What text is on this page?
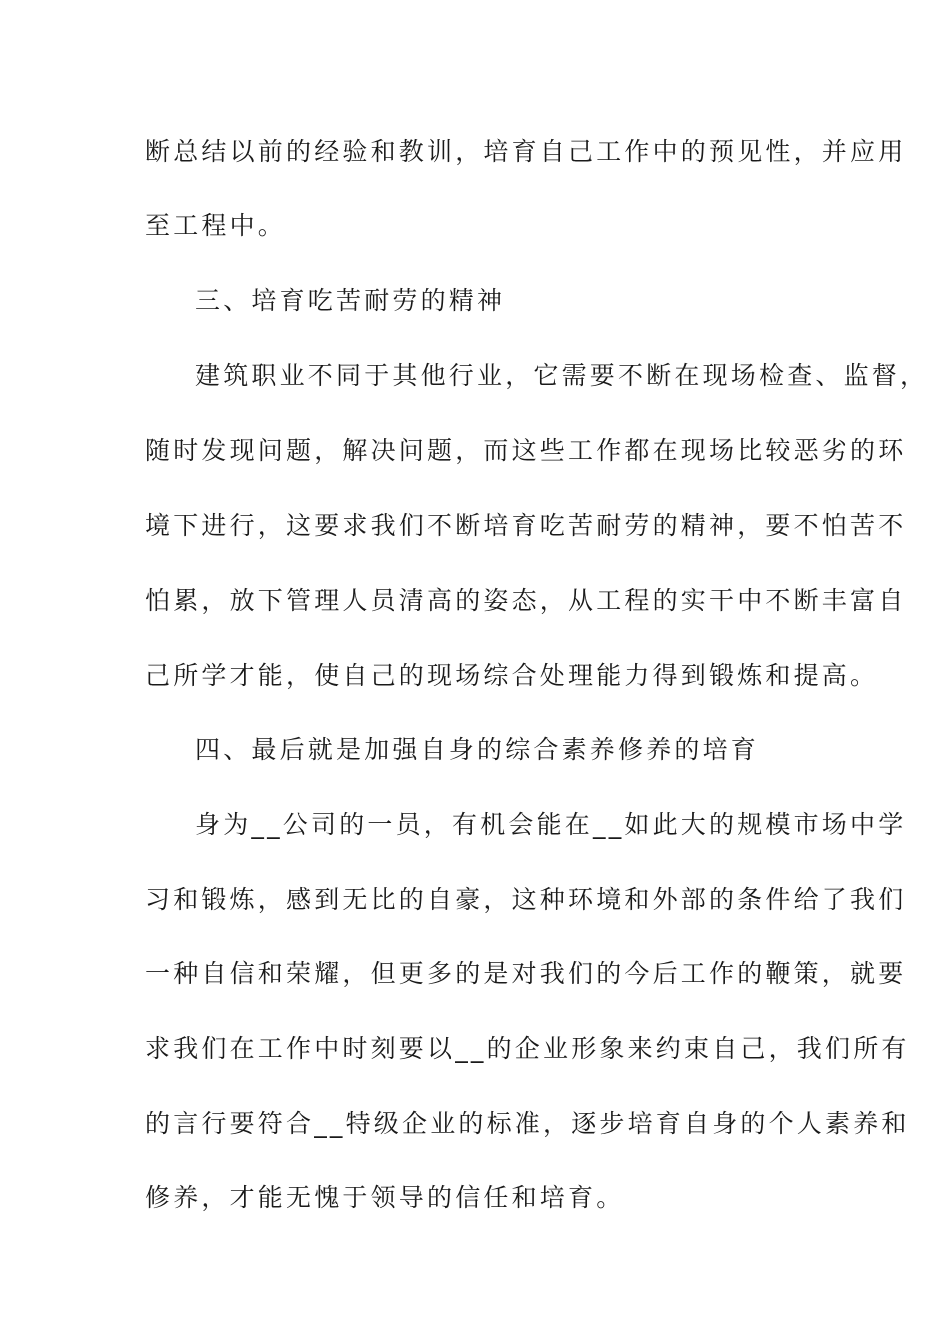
断总结以前的经验和教训，培育自己工作中的预见性，并应用
至工程中。
三、培育吃苦耐劳的精神
建筑职业不同于其他行业，它需要不断在现场检查、监督，
随时发现问题，解决问题，而这些工作都在现场比较恶劣的环
境下进行，这要求我们不断培育吃苦耐劳的精神，要不怕苦不
怕累，放下管理人员清高的姿态，从工程的实干中不断丰富自
己所学才能，使自己的现场综合处理能力得到锻炼和提高。
四、最后就是加强自身的综合素养修养的培育
身为__公司的一员，有机会能在__如此大的规模市场中学
习和锻炼，感到无比的自豪，这种环境和外部的条件给了我们
一种自信和荣耀，但更多的是对我们的今后工作的鞭策，就要
求我们在工作中时刻要以__的企业形象来约束自己，我们所有
的言行要符合__特级企业的标准，逐步培育自身的个人素养和
修养，才能无愧于领导的信任和培育。
